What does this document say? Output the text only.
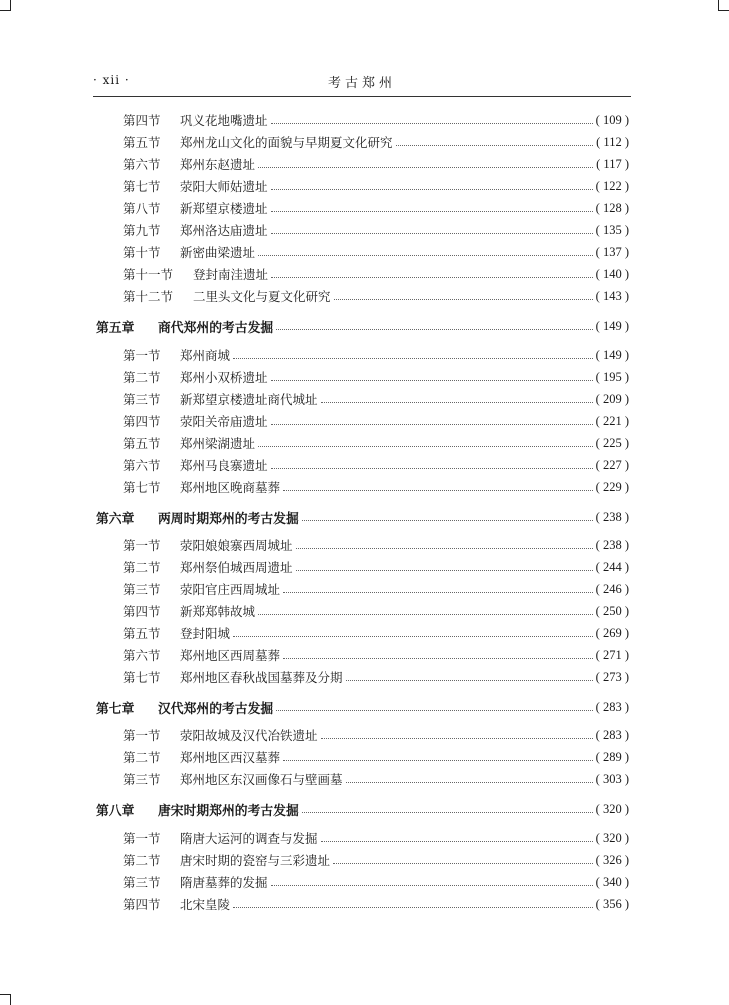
· xii ·	考古郑州
第四节	巩义花地嘴遗址	( 109 )
第五节	郑州龙山文化的面貌与早期夏文化研究	( 112 )
第六节	郑州东赵遗址	( 117 )
第七节	荥阳大师姑遗址	( 122 )
第八节	新郑望京楼遗址	( 128 )
第九节	郑州洛达庙遗址	( 135 )
第十节	新密曲梁遗址	( 137 )
第十一节	登封南洼遗址	( 140 )
第十二节	二里头文化与夏文化研究	( 143 )
第五章	商代郑州的考古发掘	( 149 )
第一节	郑州商城	( 149 )
第二节	郑州小双桥遗址	( 195 )
第三节	新郑望京楼遗址商代城址	( 209 )
第四节	荥阳关帝庙遗址	( 221 )
第五节	郑州梁湖遗址	( 225 )
第六节	郑州马良寨遗址	( 227 )
第七节	郑州地区晚商墓葬	( 229 )
第六章	两周时期郑州的考古发掘	( 238 )
第一节	荥阳娘娘寨西周城址	( 238 )
第二节	郑州祭伯城西周遗址	( 244 )
第三节	荥阳官庄西周城址	( 246 )
第四节	新郑郑韩故城	( 250 )
第五节	登封阳城	( 269 )
第六节	郑州地区西周墓葬	( 271 )
第七节	郑州地区春秋战国墓葬及分期	( 273 )
第七章	汉代郑州的考古发掘	( 283 )
第一节	荥阳故城及汉代冶铁遗址	( 283 )
第二节	郑州地区西汉墓葬	( 289 )
第三节	郑州地区东汉画像石与壁画墓	( 303 )
第八章	唐宋时期郑州的考古发掘	( 320 )
第一节	隋唐大运河的调查与发掘	( 320 )
第二节	唐宋时期的瓷窑与三彩遗址	( 326 )
第三节	隋唐墓葬的发掘	( 340 )
第四节	北宋皇陵	( 356 )
